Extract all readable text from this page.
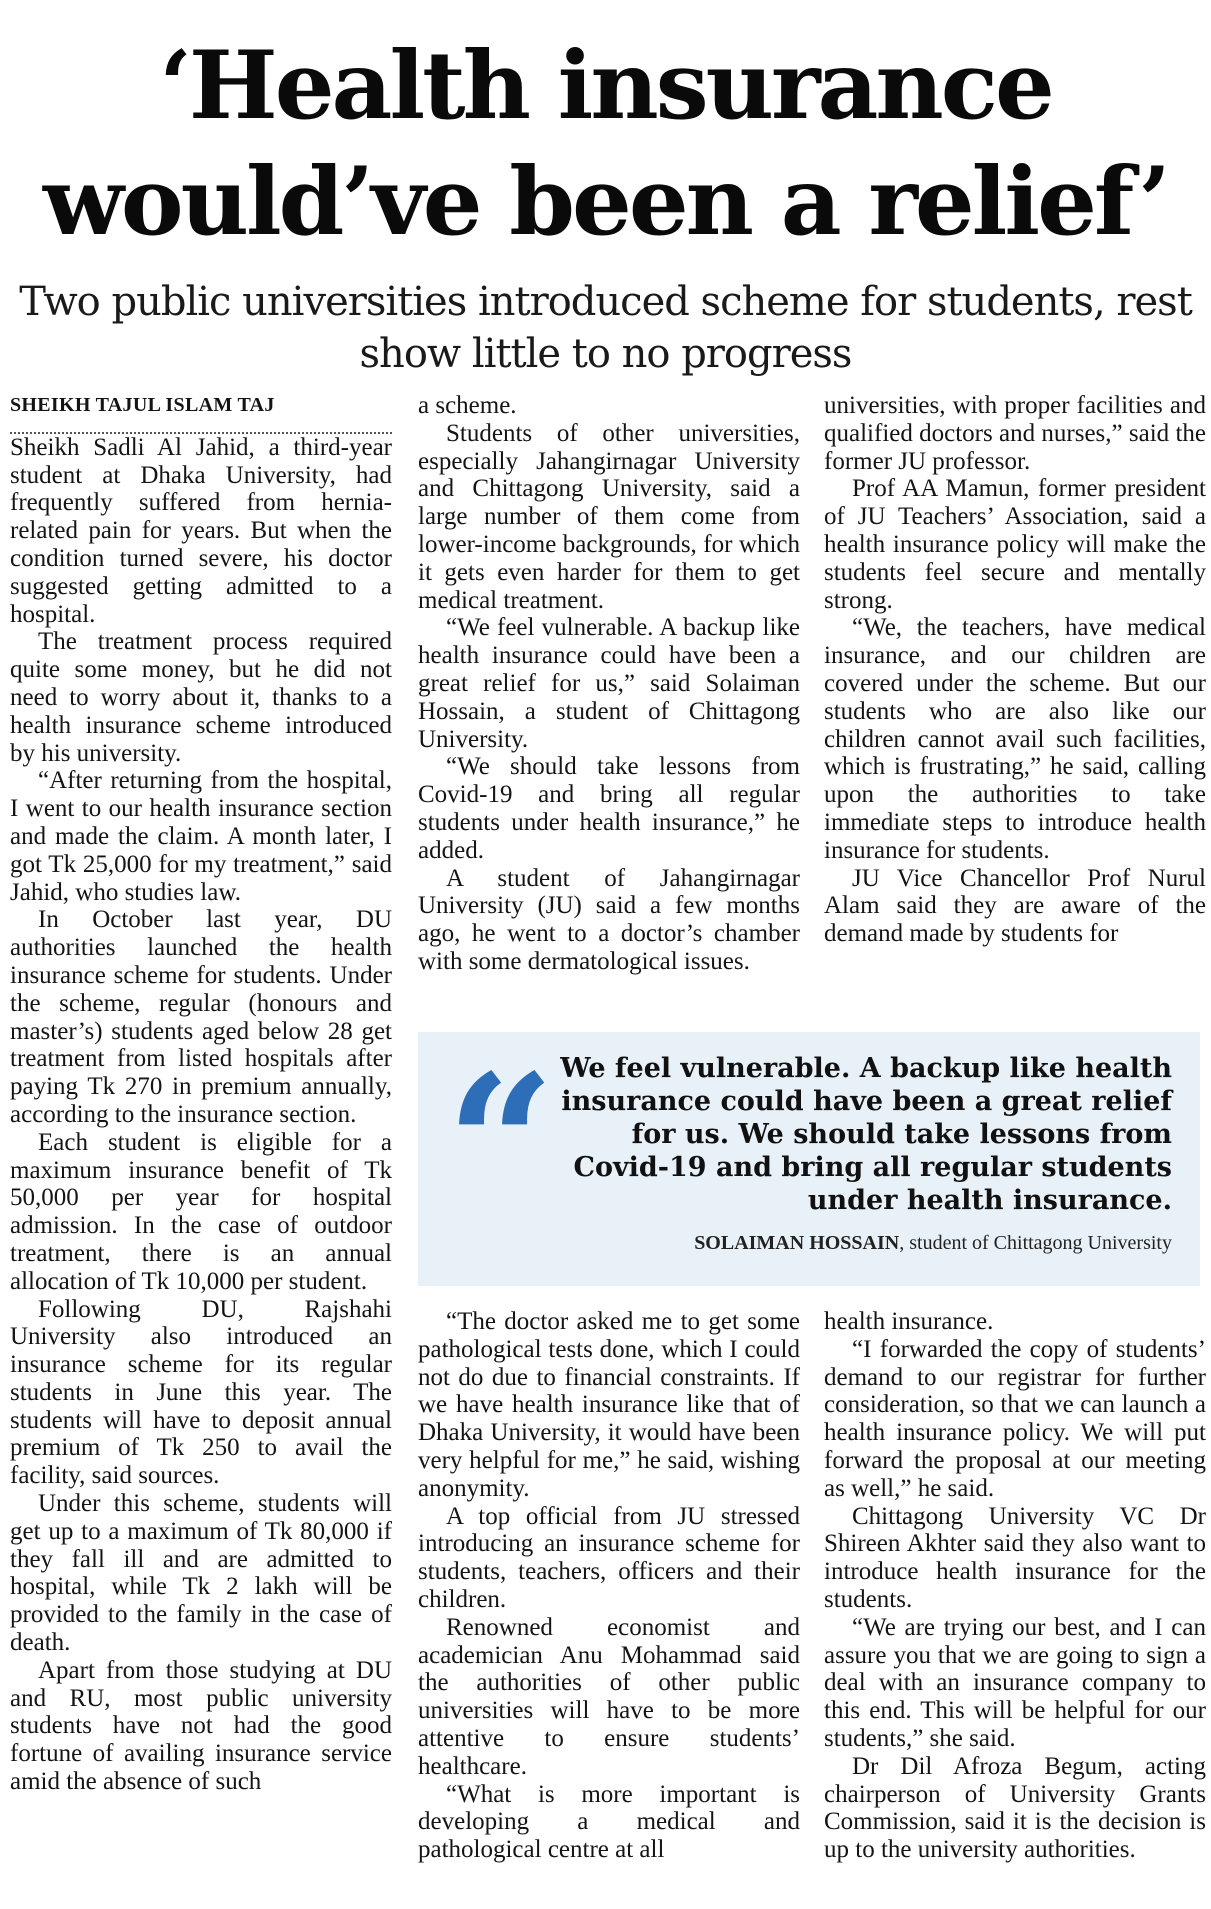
‘Health insurance would’ve been a relief’
Two public universities introduced scheme for students, rest show little to no progress

SHEIKH TAJUL ISLAM TAJ

Sheikh Sadli Al Jahid, a third-year student at Dhaka University, had frequently suffered from hernia-related pain for years. But when the condition turned severe, his doctor suggested getting admitted to a hospital.

The treatment process required quite some money, but he did not need to worry about it, thanks to a health insurance scheme introduced by his university.

“After returning from the hospital, I went to our health insurance section and made the claim. A month later, I got Tk 25,000 for my treatment,” said Jahid, who studies law.

In October last year, DU authorities launched the health insurance scheme for students. Under the scheme, regular (honours and master’s) students aged below 28 get treatment from listed hospitals after paying Tk 270 in premium annually, according to the insurance section.

Each student is eligible for a maximum insurance benefit of Tk 50,000 per year for hospital admission. In the case of outdoor treatment, there is an annual allocation of Tk 10,000 per student.

Following DU, Rajshahi University also introduced an insurance scheme for its regular students in June this year. The students will have to deposit annual premium of Tk 250 to avail the facility, said sources.

Under this scheme, students will get up to a maximum of Tk 80,000 if they fall ill and are admitted to hospital, while Tk 2 lakh will be provided to the family in the case of death.

Apart from those studying at DU and RU, most public university students have not had the good fortune of availing insurance service amid the absence of such

a scheme.

Students of other universities, especially Jahangirnagar University and Chittagong University, said a large number of them come from lower-income backgrounds, for which it gets even harder for them to get medical treatment.

“We feel vulnerable. A backup like health insurance could have been a great relief for us,” said Solaiman Hossain, a student of Chittagong University.

“We should take lessons from Covid-19 and bring all regular students under health insurance,” he added.

A student of Jahangirnagar University (JU) said a few months ago, he went to a doctor’s chamber with some dermatological issues.

universities, with proper facilities and qualified doctors and nurses,” said the former JU professor.

Prof AA Mamun, former president of JU Teachers’ Association, said a health insurance policy will make the students feel secure and mentally strong.

“We, the teachers, have medical insurance, and our children are covered under the scheme. But our students who are also like our children cannot avail such facilities, which is frustrating,” he said, calling upon the authorities to take immediate steps to introduce health insurance for students.

JU Vice Chancellor Prof Nurul Alam said they are aware of the demand made by students for

“ We feel vulnerable. A backup like health insurance could have been a great relief for us. We should take lessons from Covid-19 and bring all regular students under health insurance.

SOLAIMAN HOSSAIN, student of Chittagong University

“The doctor asked me to get some pathological tests done, which I could not do due to financial constraints. If we have health insurance like that of Dhaka University, it would have been very helpful for me,” he said, wishing anonymity.

A top official from JU stressed introducing an insurance scheme for students, teachers, officers and their children.

Renowned economist and academician Anu Mohammad said the authorities of other public universities will have to be more attentive to ensure students’ healthcare.

“What is more important is developing a medical and pathological centre at all

health insurance.

“I forwarded the copy of students’ demand to our registrar for further consideration, so that we can launch a health insurance policy. We will put forward the proposal at our meeting as well,” he said.

Chittagong University VC Dr Shireen Akhter said they also want to introduce health insurance for the students.

“We are trying our best, and I can assure you that we are going to sign a deal with an insurance company to this end. This will be helpful for our students,” she said.

Dr Dil Afroza Begum, acting chairperson of University Grants Commission, said it is the decision is up to the university authorities.
